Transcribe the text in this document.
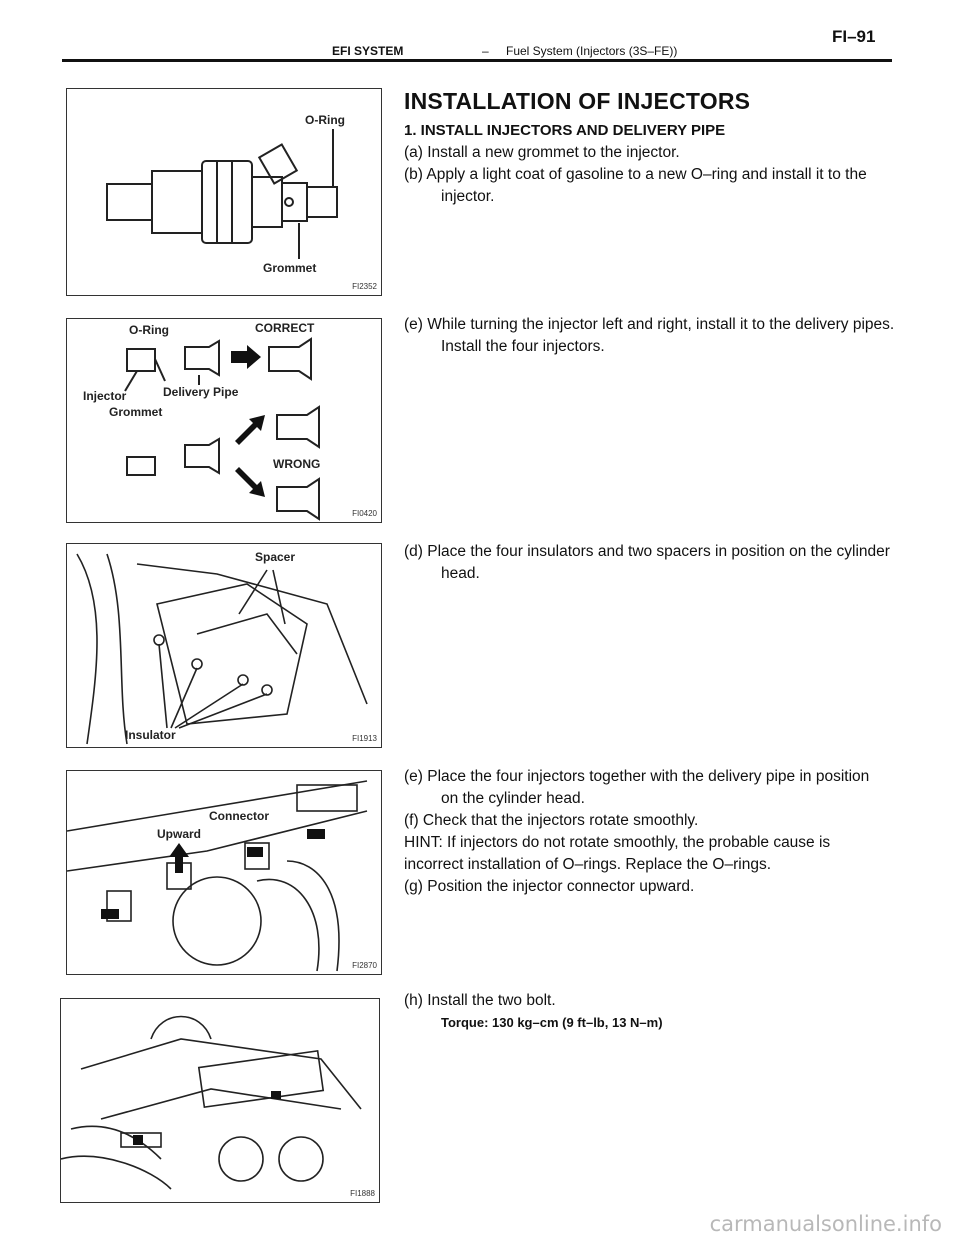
EFI SYSTEM	– Fuel System (Injectors (3S–FE))
FI–91
O-Ring
Grommet
FI2352
O-Ring	CORRECT
Injector	Delivery Pipe
Grommet
WRONG
FI0420
Spacer
Insulator	FI1913
Connector
Upward
FI2870
FI1888
INSTALLATION OF INJECTORS
1. INSTALL INJECTORS AND DELIVERY PIPE
(a) Install a new grommet to the injector.
(b) Apply a light coat of gasoline to a new O–ring and install it to the injector.
(e) While turning the injector left and right, install it to the delivery pipes. Install the four injectors.
(d) Place the four insulators and two spacers in position on the cylinder head.
(e) Place the four injectors together with the delivery pipe in position on the cylinder head.
(f) Check that the injectors rotate smoothly.
HINT: If injectors do not rotate smoothly, the probable cause is incorrect installation of O–rings. Replace the O–rings.
(g) Position the injector connector upward.
(h) Install the two bolt.
Torque: 130 kg–cm (9 ft–lb, 13 N–m)
carmanualsonline.info
